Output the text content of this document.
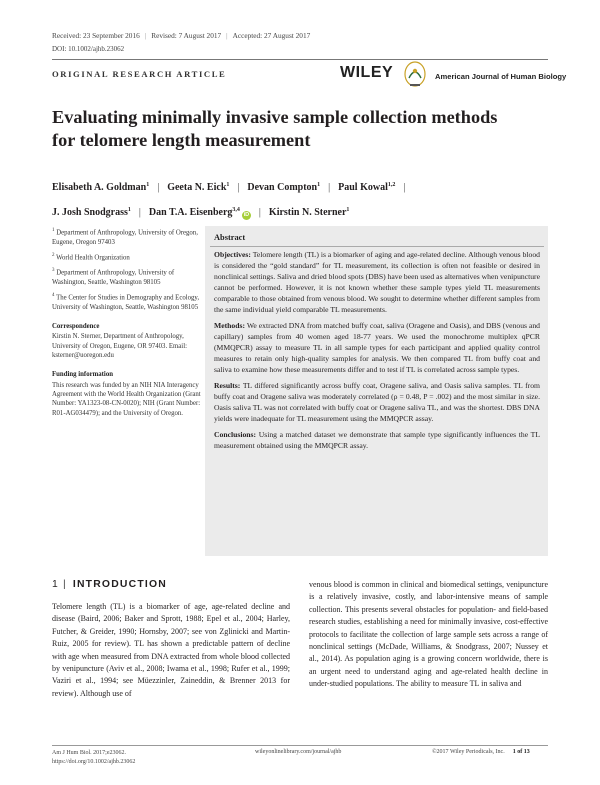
Received: 23 September 2016 | Revised: 7 August 2017 | Accepted: 27 August 2017
DOI: 10.1002/ajhb.23062
ORIGINAL RESEARCH ARTICLE	WILEY	American Journal of Human Biology
Evaluating minimally invasive sample collection methods for telomere length measurement
Elisabeth A. Goldman$^1$ | Geeta N. Eick$^1$ | Devan Compton$^1$ | Paul Kowal$^{1,2}$ |
J. Josh Snodgrass$^1$ | Dan T.A. Eisenberg$^{3,4}$iD | Kirstin N. Sterner$^1$
$^1$ Department of Anthropology, University of Oregon, Eugene, Oregon 97403
$^2$ World Health Organization
$^3$ Department of Anthropology, University of Washington, Seattle, Washington 98105
$^4$ The Center for Studies in Demography and Ecology, University of Washington, Seattle, Washington 98105
Correspondence
Kirstin N. Sterner, Department of Anthropology, University of Oregon, Eugene, OR 97403. Email: ksterner@uoregon.edu
Funding information
This research was funded by an NIH NIA Interagency Agreement with the World Health Organization (Grant Number: YA1323-08-CN-0020); NIH (Grant Number: R01-AG034479); and the University of Oregon.
Abstract

Objectives: Telomere length (TL) is a biomarker of aging and age-related decline. Although venous blood is considered the “gold standard” for TL measurement, its collection is often not feasible or desired in nonclinical settings. Saliva and dried blood spots (DBS) have been used as alternatives when venipuncture cannot be performed. However, it is not known whether these sample types yield TL measurements comparable to those obtained from venous blood. We sought to determine whether different samples from the same individual yield comparable TL measurements.

Methods: We extracted DNA from matched buffy coat, saliva (Oragene and Oasis), and DBS (venous and capillary) samples from 40 women aged 18-77 years. We used the monochrome multiplex qPCR (MMQPCR) assay to measure TL in all sample types for each participant and applied quality control measures to retain only high-quality samples for analysis. We then compared TL from buffy coat and saliva to examine how these measurements differ and to test if TL is correlated across sample types.

Results: TL differed significantly across buffy coat, Oragene saliva, and Oasis saliva samples. TL from buffy coat and Oragene saliva was moderately correlated (ρ = 0.48, P = .002) and the most similar in size. Oasis saliva TL was not correlated with buffy coat or Oragene saliva TL, and was the shortest. DBS DNA yields were inadequate for TL measurement using the MMQPCR assay.

Conclusions: Using a matched dataset we demonstrate that sample type significantly influences the TL measurement obtained using the MMQPCR assay.

1 | INTRODUCTION
Telomere length (TL) is a biomarker of age, age-related decline and disease (Baird, 2006; Baker and Sprott, 1988; Epel et al., 2004; Harley, Futcher, & Greider, 1990; Hornsby, 2007; see von Zglinicki and Martin-Ruiz, 2005 for review). TL has shown a predictable pattern of decline with age when measured from DNA extracted from whole blood collected by venipuncture (Aviv et al., 2008; Iwama et al., 1998; Rufer et al., 1999; Vaziri et al., 1994; see Müezzinler, Zaineddin, & Brenner 2013 for review). Although use of
venous blood is common in clinical and biomedical settings, venipuncture is a relatively invasive, costly, and labor-intensive means of sample collection. This presents several obstacles for population- and field-based research studies, establishing a need for minimally invasive, cost-effective protocols to facilitate the collection of large sample sets across a range of nonclinical settings (McDade, Williams, & Snodgrass, 2007; Nussey et al., 2014). As population aging is a growing concern worldwide, there is an urgent need to understand aging and age-related health decline in under-studied populations. The ability to measure TL in saliva and
Am J Hum Biol. 2017;e23062.
https://doi.org/10.1002/ajhb.23062
wileyonlinelibrary.com/journal/ajhb	©2017 Wiley Periodicals, Inc. 1 of 13
